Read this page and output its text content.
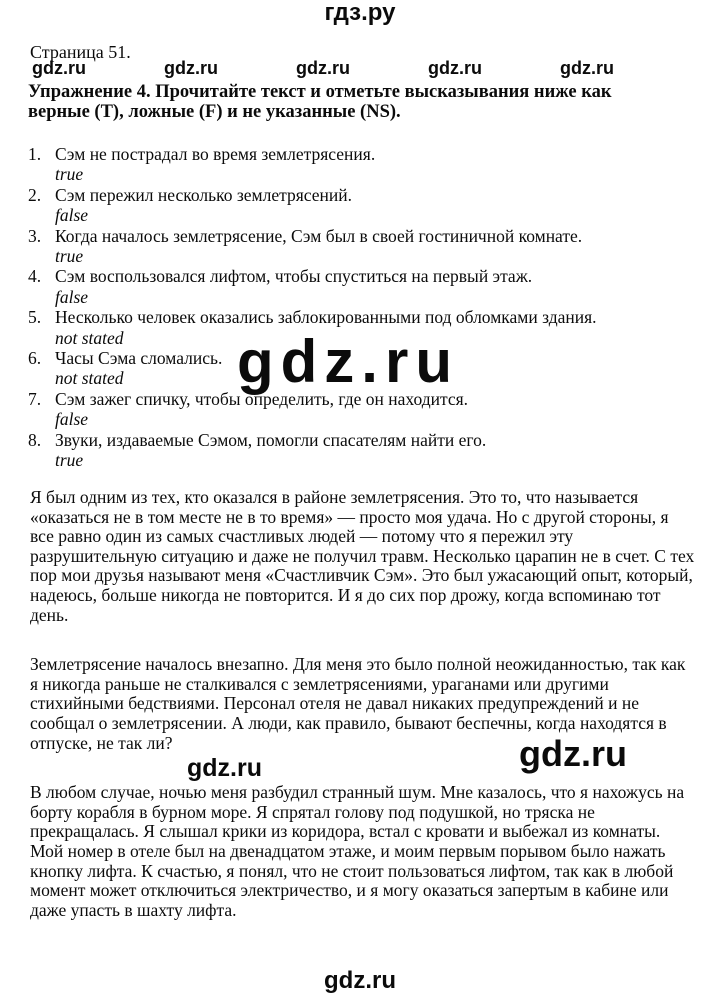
гдз.ру
Страница 51.
gdz.ru	gdz.ru	gdz.ru	gdz.ru	gdz.ru
Упражнение 4. Прочитайте текст и отметьте высказывания ниже как верные (T), ложные (F) и не указанные (NS).
1. Сэм не пострадал во время землетрясения.
true
2. Сэм пережил несколько землетрясений.
false
3. Когда началось землетрясение, Сэм был в своей гостиничной комнате.
true
4. Сэм воспользовался лифтом, чтобы спуститься на первый этаж.
false
5. Несколько человек оказались заблокированными под обломками здания.
not stated
6. Часы Сэма сломались.
not stated
7. Сэм зажег спичку, чтобы определить, где он находится.
false
8. Звуки, издаваемые Сэмом, помогли спасателям найти его.
true
gdz.ru

Я был одним из тех, кто оказался в районе землетрясения. Это то, что называется «оказаться не в том месте не в то время» — просто моя удача. Но с другой стороны, я все равно один из самых счастливых людей — потому что я пережил эту разрушительную ситуацию и даже не получил травм. Несколько царапин не в счет. С тех пор мои друзья называют меня «Счастливчик Сэм». Это был ужасающий опыт, который, надеюсь, больше никогда не повторится. И я до сих пор дрожу, когда вспоминаю тот день.

Землетрясение началось внезапно. Для меня это было полной неожиданностью, так как я никогда раньше не сталкивался с землетрясениями, ураганами или другими стихийными бедствиями. Персонал отеля не давал никаких предупреждений и не сообщал о землетрясении. А люди, как правило, бывают беспечны, когда находятся в отпуске, не так ли?

В любом случае, ночью меня разбудил странный шум. Мне казалось, что я нахожусь на борту корабля в бурном море. Я спрятал голову под подушкой, но тряска не прекращалась. Я слышал крики из коридора, встал с кровати и выбежал из комнаты. Мой номер в отеле был на двенадцатом этаже, и моим первым порывом было нажать кнопку лифта. К счастью, я понял, что не стоит пользоваться лифтом, так как в любой момент может отключиться электричество, и я могу оказаться запертым в кабине или даже упасть в шахту лифта.

gdz.ru	gdz.ru
gdz.ru
